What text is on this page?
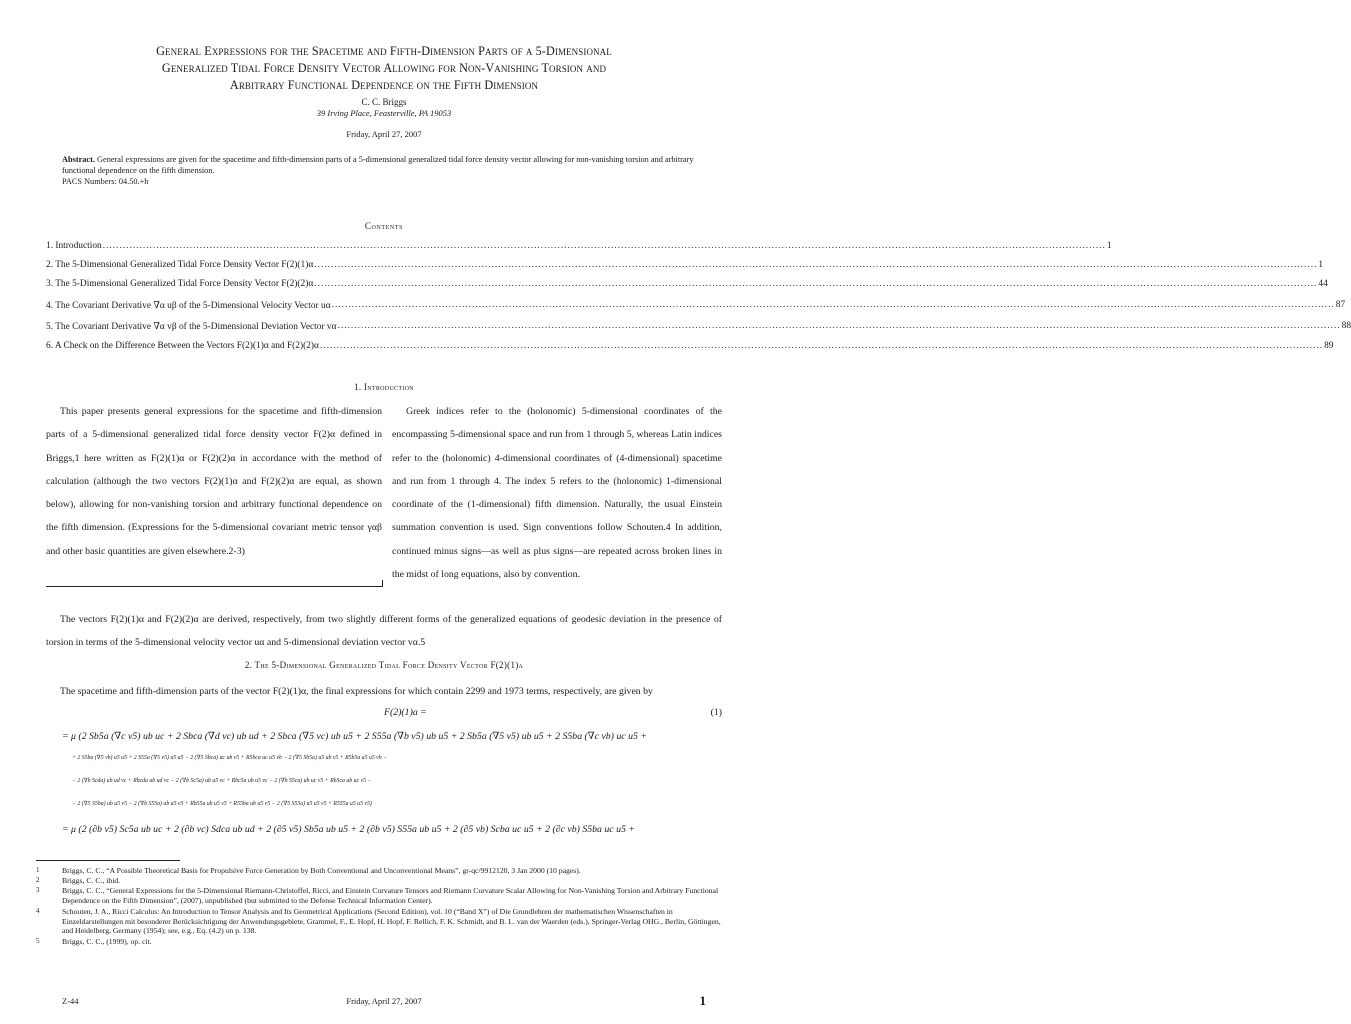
General Expressions for the Spacetime and Fifth-Dimension Parts of a 5-Dimensional
Generalized Tidal Force Density Vector Allowing for Non-Vanishing Torsion and
Arbitrary Functional Dependence on the Fifth Dimension
C. C. Briggs
39 Irving Place, Feasterville, PA 19053
Friday, April 27, 2007
Abstract. General expressions are given for the spacetime and fifth-dimension parts of a 5-dimensional generalized tidal force density vector allowing for non-vanishing torsion and arbitrary functional dependence on the fifth dimension.
PACS Numbers: 04.50.+h
Contents
1. Introduction ............................................................................................................................................................................................................................................................................................................ 1
2. The 5-Dimensional Generalized Tidal Force Density Vector F(2)(1)α ............................................................................................................................................................................................................................................................................................................ 1
3. The 5-Dimensional Generalized Tidal Force Density Vector F(2)(2)α ............................................................................................................................................................................................................................................................................................................ 44
4. The Covariant Derivative ∇α uβ of the 5-Dimensional Velocity Vector uα ............................................................................................................................................................................................................................................................................................................ 87
5. The Covariant Derivative ∇α vβ of the 5-Dimensional Deviation Vector vα ............................................................................................................................................................................................................................................................................................................ 88
6. A Check on the Difference Between the Vectors F(2)(1)α and F(2)(2)α ............................................................................................................................................................................................................................................................................................................ 89
1. Introduction

This paper presents general expressions for the spacetime and fifth-dimension parts of a 5-dimensional generalized tidal force density vector F(2)α defined in Briggs,1 here written as F(2)(1)α or F(2)(2)α in accordance with the method of calculation (although the two vectors F(2)(1)α and F(2)(2)α are equal, as shown below), allowing for non-vanishing torsion and arbitrary functional dependence on the fifth dimension. (Expressions for the 5-dimensional covariant metric tensor γαβ and other basic quantities are given elsewhere.2-3)

Greek indices refer to the (holonomic) 5-dimensional coordinates of the encompassing 5-dimensional space and run from 1 through 5, whereas Latin indices refer to the (holonomic) 4-dimensional coordinates of (4-dimensional) spacetime and run from 1 through 4. The index 5 refers to the (holonomic) 1-dimensional coordinate of the (1-dimensional) fifth dimension. Naturally, the usual Einstein summation convention is used. Sign conventions follow Schouten.4 In addition, continued minus signs—as well as plus signs—are repeated across broken lines in the midst of long equations, also by convention.

The vectors F(2)(1)α and F(2)(2)α are derived, respectively, from two slightly different forms of the generalized equations of geodesic deviation in the presence of torsion in terms of the 5-dimensional velocity vector uα and 5-dimensional deviation vector vα.5
2. The 5-Dimensional Generalized Tidal Force Density Vector F(2)(1)α
The spacetime and fifth-dimension parts of the vector F(2)(1)α, the final expressions for which contain 2299 and 1973 terms, respectively, are given by
F(2)(1)a =	(1)
= μ (2 Sb5a (∇c v5) ub uc + 2 Sbca (∇d vc) ub ud + 2 Sbca (∇5 vc) ub u5 + 2 S55a (∇b v5) ub u5 + 2 Sb5a (∇5 v5) ub u5 + 2 S5ba (∇c vb) uc u5 +
+ 2 S5ba (∇5 vb) u5 u5 + 2 S55a (∇5 v5) u5 u5 − 2 (∇5 Sbca) uc ub v5 + R5bca uc u5 vb − 2 (∇5 Sb5a) u5 ub v5 + R5b5a u5 u5 vb −
− 2 (∇b Scda) ub ud vc + Rbcda ub ud vc − 2 (∇b Sc5a) ub u5 vc + Rbc5a ub u5 vc − 2 (∇b S5ca) ub uc v5 + Rb5ca ub uc v5 −
− 2 (∇5 S5ba) ub u5 v5 − 2 (∇b S55a) ub u5 v5 + Rb55a ub u5 v5 + R55ba ub u5 v5 − 2 (∇5 S55a) u5 u5 v5 + R555a u5 u5 v5)
= μ (2 (∂b v5) Sc5a ub uc + 2 (∂b vc) Sdca ub ud + 2 (∂5 v5) Sb5a ub u5 + 2 (∂b v5) S55a ub u5 + 2 (∂5 vb) Scba uc u5 + 2 (∂c vb) S5ba uc u5 +
1	Briggs, C. C., “A Possible Theoretical Basis for Propulsive Force Generation by Both Conventional and Unconventional Means”, gr-qc/9912120, 3 Jan 2000 (10 pages).
2	Briggs, C. C., ibid.
3	Briggs, C. C., “General Expressions for the 5-Dimensional Riemann-Christoffel, Ricci, and Einstein Curvature Tensors and Riemann Curvature Scalar Allowing for Non-Vanishing Torsion and Arbitrary Functional Dependence on the Fifth Dimension”, (2007), unpublished (but submitted to the Defense Technical Information Center).
4	Schouten, J. A., Ricci Calculus: An Introduction to Tensor Analysis and Its Geometrical Applications (Second Edition), vol. 10 (“Band X”) of Die Grundlehren der mathematischen Wissenschaften in Einzeldarstellungen mit besonderer Berücksichtigung der Anwendungsgebiete, Grammel, F., E. Hopf, H. Hopf, F. Rellich, F. K. Schmidt, and B. L. van der Waerden (eds.), Springer-Verlag OHG., Berlin, Göttingen, and Heidelberg, Germany (1954); see, e.g., Eq. (4.2) on p. 138.
5	Briggs, C. C., (1999), op. cit.
Z-44	Friday, April 27, 2007	1
